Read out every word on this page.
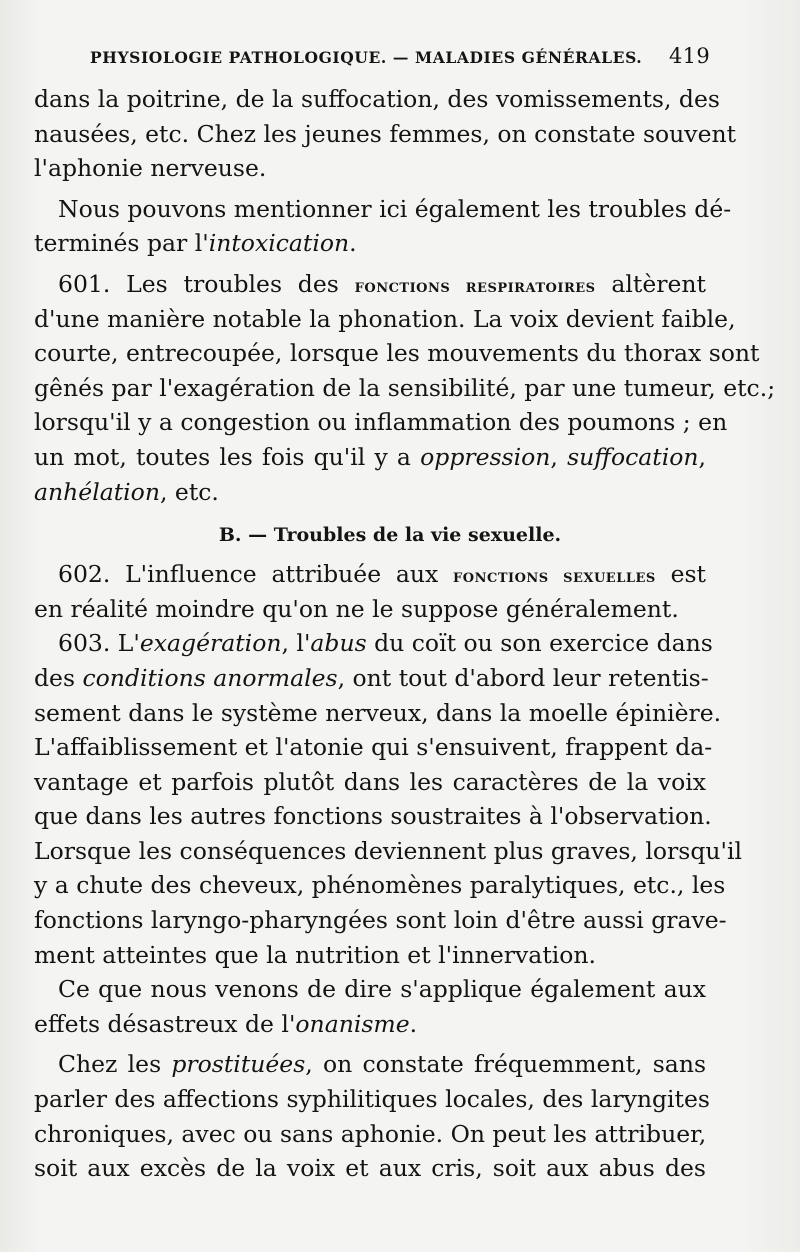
PHYSIOLOGIE PATHOLOGIQUE. — MALADIES GÉNÉRALES. 419
dans la poitrine, de la suffocation, des vomissements, des
nausées, etc. Chez les jeunes femmes, on constate souvent
l'aphonie nerveuse.
Nous pouvons mentionner ici également les troubles dé-
terminés par l'intoxication.
601. Les troubles des fonctions respiratoires altèrent
d'une manière notable la phonation. La voix devient faible,
courte, entrecoupée, lorsque les mouvements du thorax sont
gênés par l'exagération de la sensibilité, par une tumeur, etc.;
lorsqu'il y a congestion ou inflammation des poumons ; en
un mot, toutes les fois qu'il y a oppression, suffocation,
anhélation, etc.
B. — Troubles de la vie sexuelle.
602. L'influence attribuée aux fonctions sexuelles est
en réalité moindre qu'on ne le suppose généralement.
603. L'exagération, l'abus du coït ou son exercice dans
des conditions anormales, ont tout d'abord leur retentis-
sement dans le système nerveux, dans la moelle épinière.
L'affaiblissement et l'atonie qui s'ensuivent, frappent da-
vantage et parfois plutôt dans les caractères de la voix
que dans les autres fonctions soustraites à l'observation.
Lorsque les conséquences deviennent plus graves, lorsqu'il
y a chute des cheveux, phénomènes paralytiques, etc., les
fonctions laryngo-pharyngées sont loin d'être aussi grave-
ment atteintes que la nutrition et l'innervation.
Ce que nous venons de dire s'applique également aux
effets désastreux de l'onanisme.
Chez les prostituées, on constate fréquemment, sans
parler des affections syphilitiques locales, des laryngites
chroniques, avec ou sans aphonie. On peut les attribuer,
soit aux excès de la voix et aux cris, soit aux abus des
